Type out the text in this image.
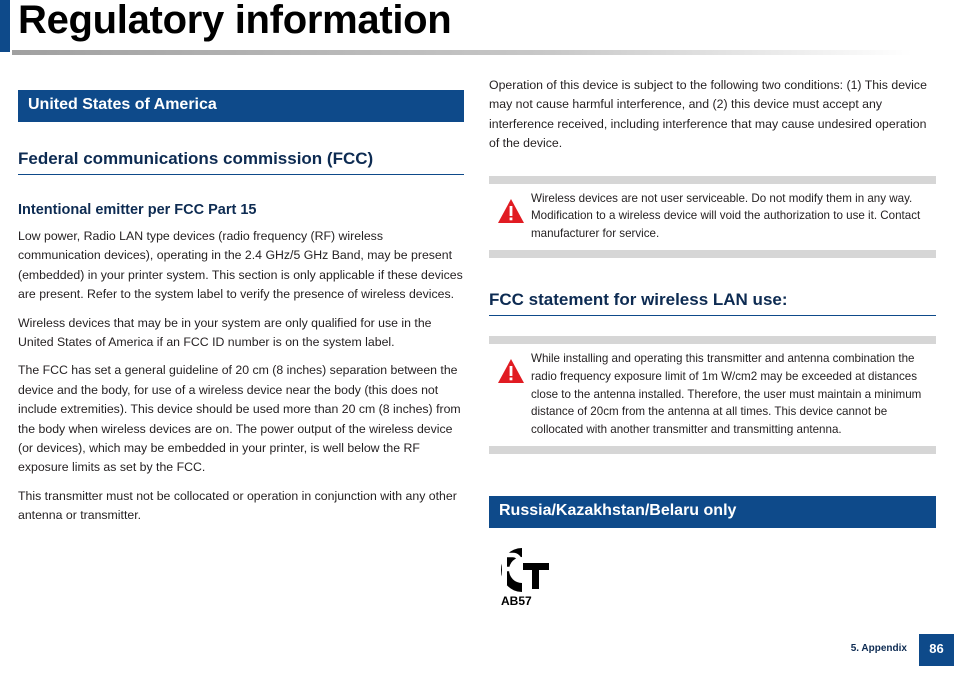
Regulatory information
United States of America
Federal communications commission (FCC)
Intentional emitter per FCC Part 15

Low power, Radio LAN type devices (radio frequency (RF) wireless communication devices), operating in the 2.4 GHz/5 GHz Band, may be present (embedded) in your printer system. This section is only applicable if these devices are present. Refer to the system label to verify the presence of wireless devices.

Wireless devices that may be in your system are only qualified for use in the United States of America if an FCC ID number is on the system label.

The FCC has set a general guideline of 20 cm (8 inches) separation between the device and the body, for use of a wireless device near the body (this does not include extremities). This device should be used more than 20 cm (8 inches) from the body when wireless devices are on. The power output of the wireless device (or devices), which may be embedded in your printer, is well below the RF exposure limits as set by the FCC.

This transmitter must not be collocated or operation in conjunction with any other antenna or transmitter.

Operation of this device is subject to the following two conditions: (1) This device may not cause harmful interference, and (2) this device must accept any interference received, including interference that may cause undesired operation of the device.

Wireless devices are not user serviceable. Do not modify them in any way. Modification to a wireless device will void the authorization to use it. Contact manufacturer for service.

FCC statement for wireless LAN use:

While installing and operating this transmitter and antenna combination the radio frequency exposure limit of 1m W/cm2 may be exceeded at distances close to the antenna installed. Therefore, the user must maintain a minimum distance of 20cm from the antenna at all times. This device cannot be collocated with another transmitter and transmitting antenna.

Russia/Kazakhstan/Belaru only
AB57
5. Appendix	86
